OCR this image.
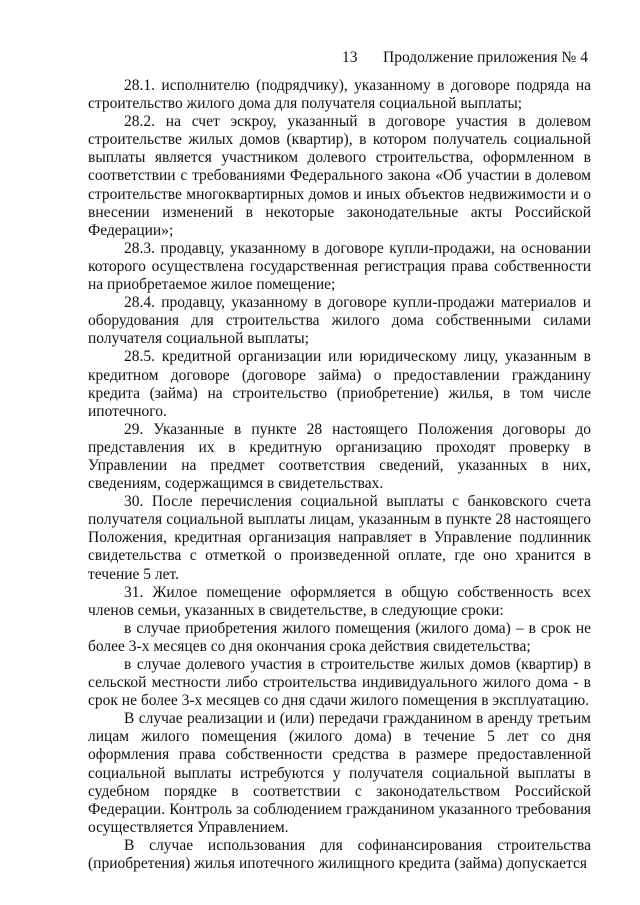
13 Продолжение приложения № 4

28.1. исполнителю (подрядчику), указанному в договоре подряда на строительство жилого дома для получателя социальной выплаты;

28.2. на счет эскроу, указанный в договоре участия в долевом строительстве жилых домов (квартир), в котором получатель социальной выплаты является участником долевого строительства, оформленном в соответствии с требованиями Федерального закона «Об участии в долевом строительстве многоквартирных домов и иных объектов недвижимости и о внесении изменений в некоторые законодательные акты Российской Федерации»;

28.3. продавцу, указанному в договоре купли-продажи, на основании которого осуществлена государственная регистрация права собственности на приобретаемое жилое помещение;

28.4. продавцу, указанному в договоре купли-продажи материалов и оборудования для строительства жилого дома собственными силами получателя социальной выплаты;

28.5. кредитной организации или юридическому лицу, указанным в кредитном договоре (договоре займа) о предоставлении гражданину кредита (займа) на строительство (приобретение) жилья, в том числе ипотечного.

29. Указанные в пункте 28 настоящего Положения договоры до представления их в кредитную организацию проходят проверку в Управлении на предмет соответствия сведений, указанных в них, сведениям, содержащимся в свидетельствах.

30. После перечисления социальной выплаты с банковского счета получателя социальной выплаты лицам, указанным в пункте 28 настоящего Положения, кредитная организация направляет в Управление подлинник свидетельства с отметкой о произведенной оплате, где оно хранится в течение 5 лет.

31. Жилое помещение оформляется в общую собственность всех членов семьи, указанных в свидетельстве, в следующие сроки:

в случае приобретения жилого помещения (жилого дома) – в срок не более 3-х месяцев со дня окончания срока действия свидетельства;

в случае долевого участия в строительстве жилых домов (квартир) в сельской местности либо строительства индивидуального жилого дома - в срок не более 3-х месяцев со дня сдачи жилого помещения в эксплуатацию.

В случае реализации и (или) передачи гражданином в аренду третьим лицам жилого помещения (жилого дома) в течение 5 лет со дня оформления права собственности средства в размере предоставленной социальной выплаты истребуются у получателя социальной выплаты в судебном порядке в соответствии с законодательством Российской Федерации. Контроль за соблюдением гражданином указанного требования осуществляется Управлением.

В случае использования для софинансирования строительства (приобретения) жилья ипотечного жилищного кредита (займа) допускается
